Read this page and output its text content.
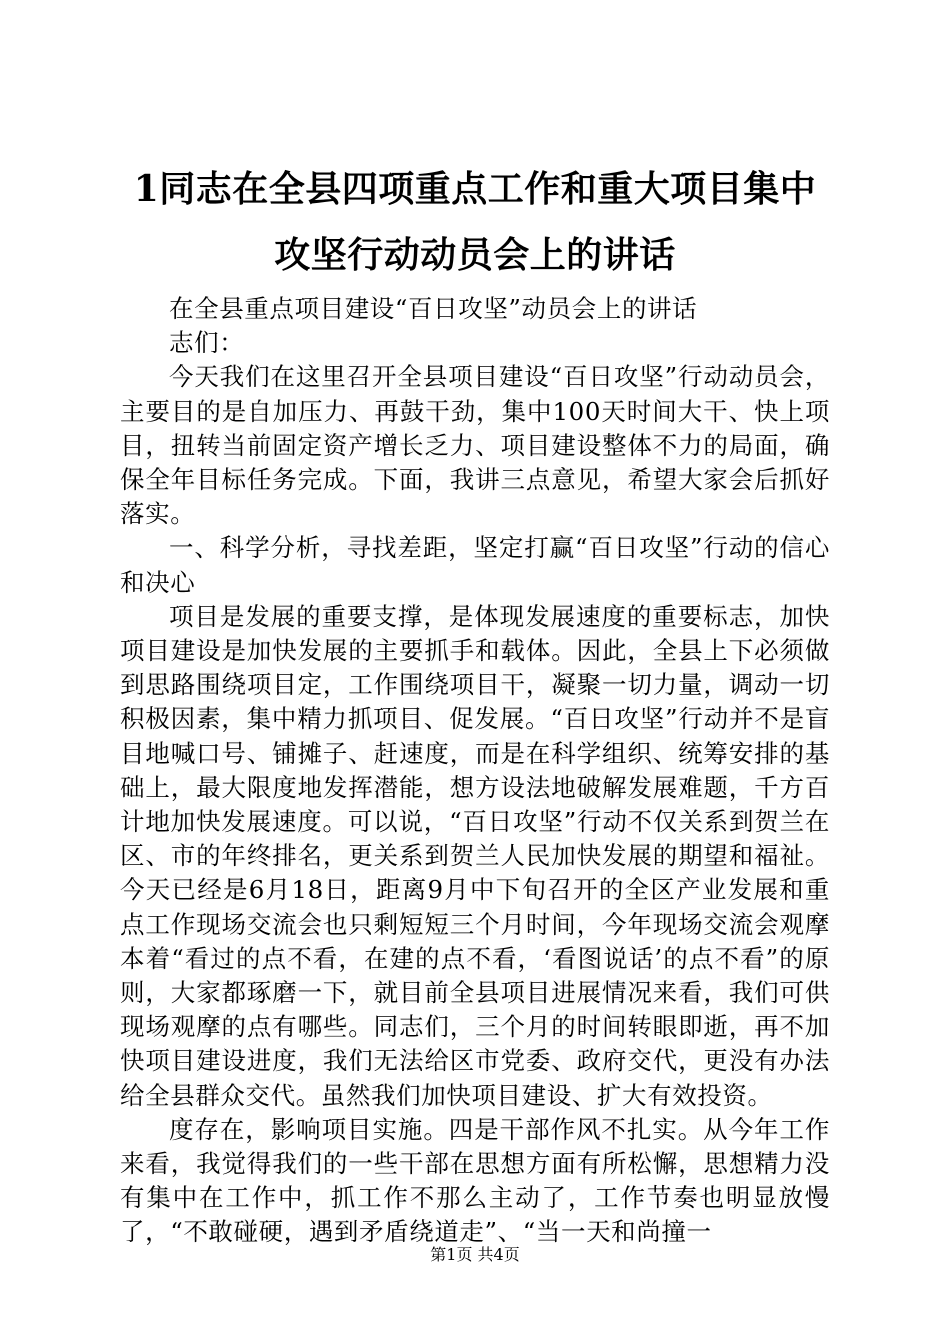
1同志在全县四项重点工作和重大项目集中攻坚行动动员会上的讲话

在全县重点项目建设“百日攻坚”动员会上的讲话

志们：

今天我们在这里召开全县项目建设“百日攻坚”行动动员会，主要目的是自加压力、再鼓干劲，集中100天时间大干、快上项目，扭转当前固定资产增长乏力、项目建设整体不力的局面，确保全年目标任务完成。下面，我讲三点意见，希望大家会后抓好落实。

一、科学分析，寻找差距，坚定打赢“百日攻坚”行动的信心和决心

项目是发展的重要支撑，是体现发展速度的重要标志，加快项目建设是加快发展的主要抓手和载体。因此，全县上下必须做到思路围绕项目定，工作围绕项目干，凝聚一切力量，调动一切积极因素，集中精力抓项目、促发展。“百日攻坚”行动并不是盲目地喊口号、铺摊子、赶速度，而是在科学组织、统筹安排的基础上，最大限度地发挥潜能，想方设法地破解发展难题，千方百计地加快发展速度。可以说，“百日攻坚”行动不仅关系到贺兰在区、市的年终排名，更关系到贺兰人民加快发展的期望和福祉。今天已经是6月18日，距离9月中下旬召开的全区产业发展和重点工作现场交流会也只剩短短三个月时间，今年现场交流会观摩本着“看过的点不看，在建的点不看，‘看图说话’的点不看”的原则，大家都琢磨一下，就目前全县项目进展情况来看，我们可供现场观摩的点有哪些。同志们，三个月的时间转眼即逝，再不加快项目建设进度，我们无法给区市党委、政府交代，更没有办法给全县群众交代。虽然我们加快项目建设、扩大有效投资。

度存在，影响项目实施。四是干部作风不扎实。从今年工作来看，我觉得我们的一些干部在思想方面有所松懈，思想精力没有集中在工作中，抓工作不那么主动了，工作节奏也明显放慢了，“不敢碰硬，遇到矛盾绕道走”、“当一天和尚撞一

第1页 共4页
